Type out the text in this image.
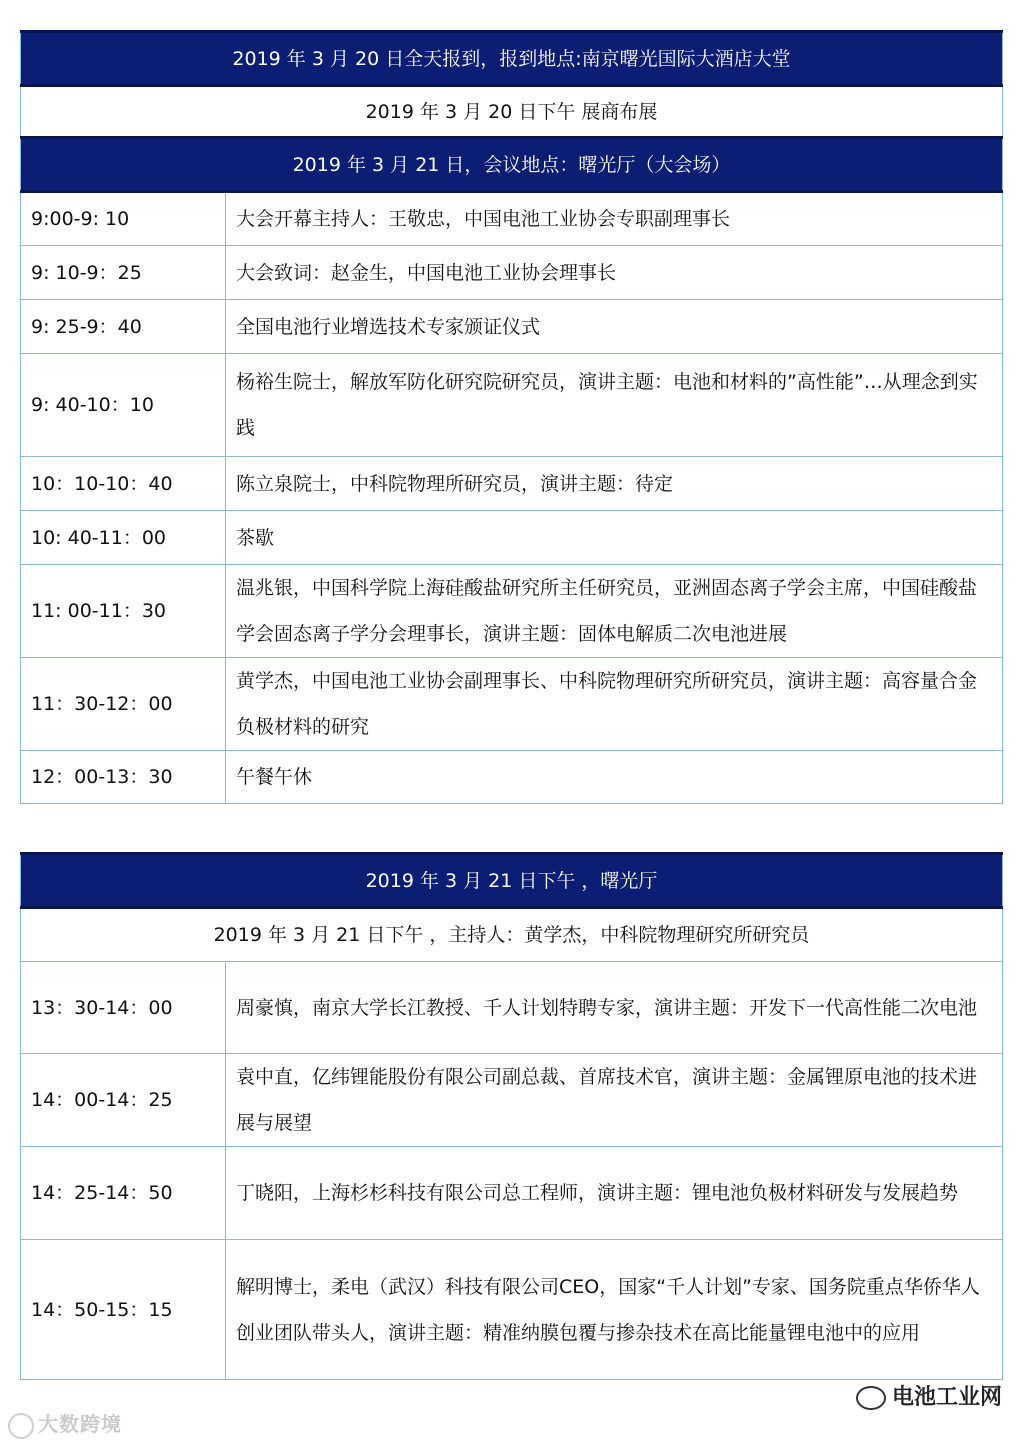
2019 年 3 月 20 日全天报到，报到地点:南京曙光国际大酒店大堂	
2019 年 3 月 20 日下午 展商布展	
2019 年 3 月 21 日，会议地点：曙光厅（大会场）	
9:00-9: 10	大会开幕主持人：王敬忠，中国电池工业协会专职副理事长
9: 10-9：25	大会致词：赵金生，中国电池工业协会理事长
9: 25-9：40	全国电池行业增选技术专家颁证仪式
9: 40-10：10	杨裕生院士，解放军防化研究院研究员，演讲主题：电池和材料的”高性能”…从理念到实践
10：10-10：40	陈立泉院士，中科院物理所研究员，演讲主题：待定
10: 40-11：00	茶歇
11: 00-11：30	温兆银，中国科学院上海硅酸盐研究所主任研究员，亚洲固态离子学会主席，中国硅酸盐学会固态离子学分会理事长，演讲主题：固体电解质二次电池进展
11：30-12：00	黄学杰，中国电池工业协会副理事长、中科院物理研究所研究员，演讲主题：高容量合金负极材料的研究
12：00-13：30	午餐午休
2019 年 3 月 21 日下午 ，曙光厅	
2019 年 3 月 21 日下午 ，主持人：黄学杰，中科院物理研究所研究员	
13：30-14：00	周豪慎，南京大学长江教授、千人计划特聘专家，演讲主题：开发下一代高性能二次电池
14：00-14：25	袁中直，亿纬锂能股份有限公司副总裁、首席技术官，演讲主题：金属锂原电池的技术进展与展望
14：25-14：50	丁晓阳，上海杉杉科技有限公司总工程师，演讲主题：锂电池负极材料研发与发展趋势
14：50-15：15	解明博士，柔电（武汉）科技有限公司CEO，国家“千人计划”专家、国务院重点华侨华人创业团队带头人，演讲主题：精准纳膜包覆与掺杂技术在高比能量锂电池中的应用
电池工业网
大数跨境
